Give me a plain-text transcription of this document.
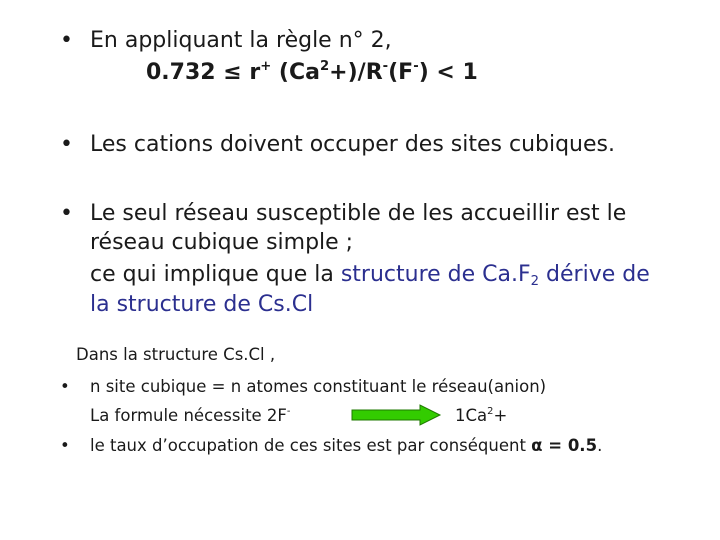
• En appliquant la règle n° 2,
0.732 ≤ r+ $(Ca^2+)/R^-(F^-) < 1$
• Les cations doivent occuper des sites cubiques.
• Le seul réseau susceptible de les accueillir est le
réseau cubique simple ;
ce qui implique que la structure de $Ca.F_2$ dérive de
la structure de Cs.Cl
Dans la structure Cs.Cl ,
• n site cubique = n atomes constituant le réseau(anion)
La formule nécessite 2F-	$1Ca^2+$
• le taux d’occupation de ces sites est par conséquent α = 0.5.
